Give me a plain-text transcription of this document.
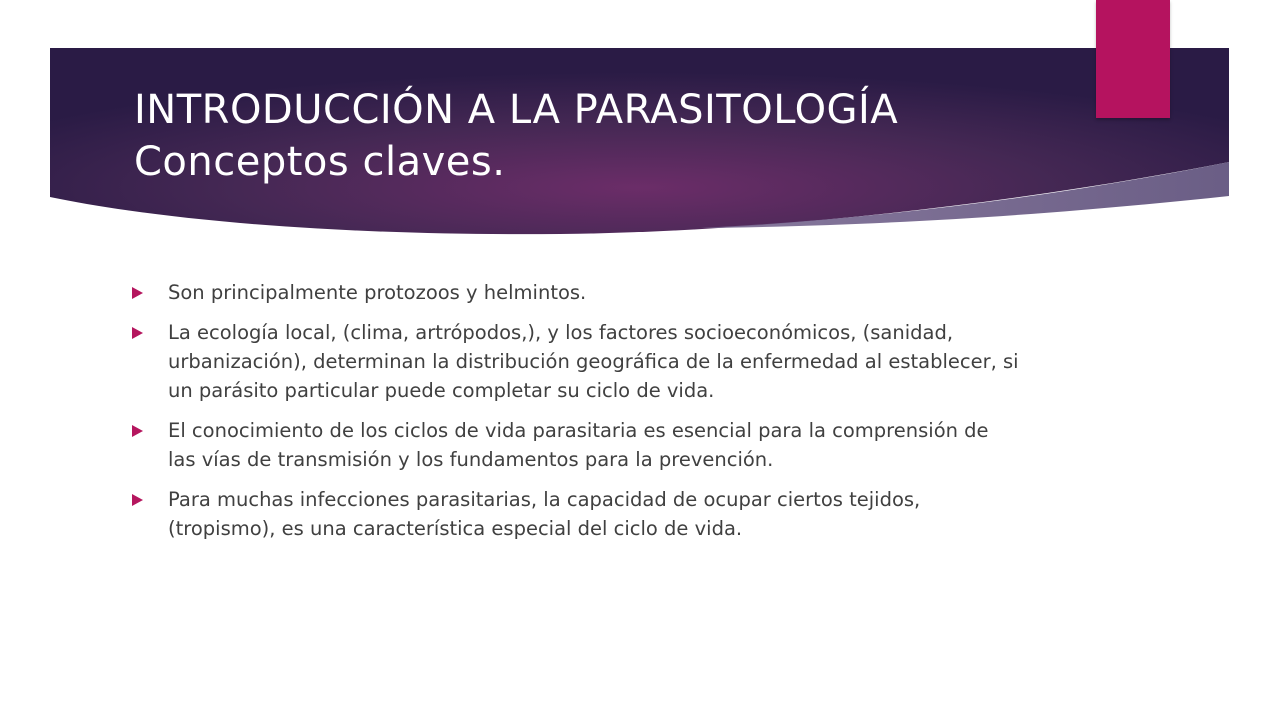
INTRODUCCIÓN A LA PARASITOLOGÍA
Conceptos claves.
Son principalmente protozoos y helmintos.
La ecología local, (clima, artrópodos,), y los factores socioeconómicos, (sanidad, urbanización), determinan la distribución geográfica de la enfermedad al establecer, si un parásito particular puede completar su ciclo de vida.
El conocimiento de los ciclos de vida parasitaria es esencial para la comprensión de las vías de transmisión y los fundamentos para la prevención.
Para muchas infecciones parasitarias, la capacidad de ocupar ciertos tejidos, (tropismo), es una característica especial del ciclo de vida.
